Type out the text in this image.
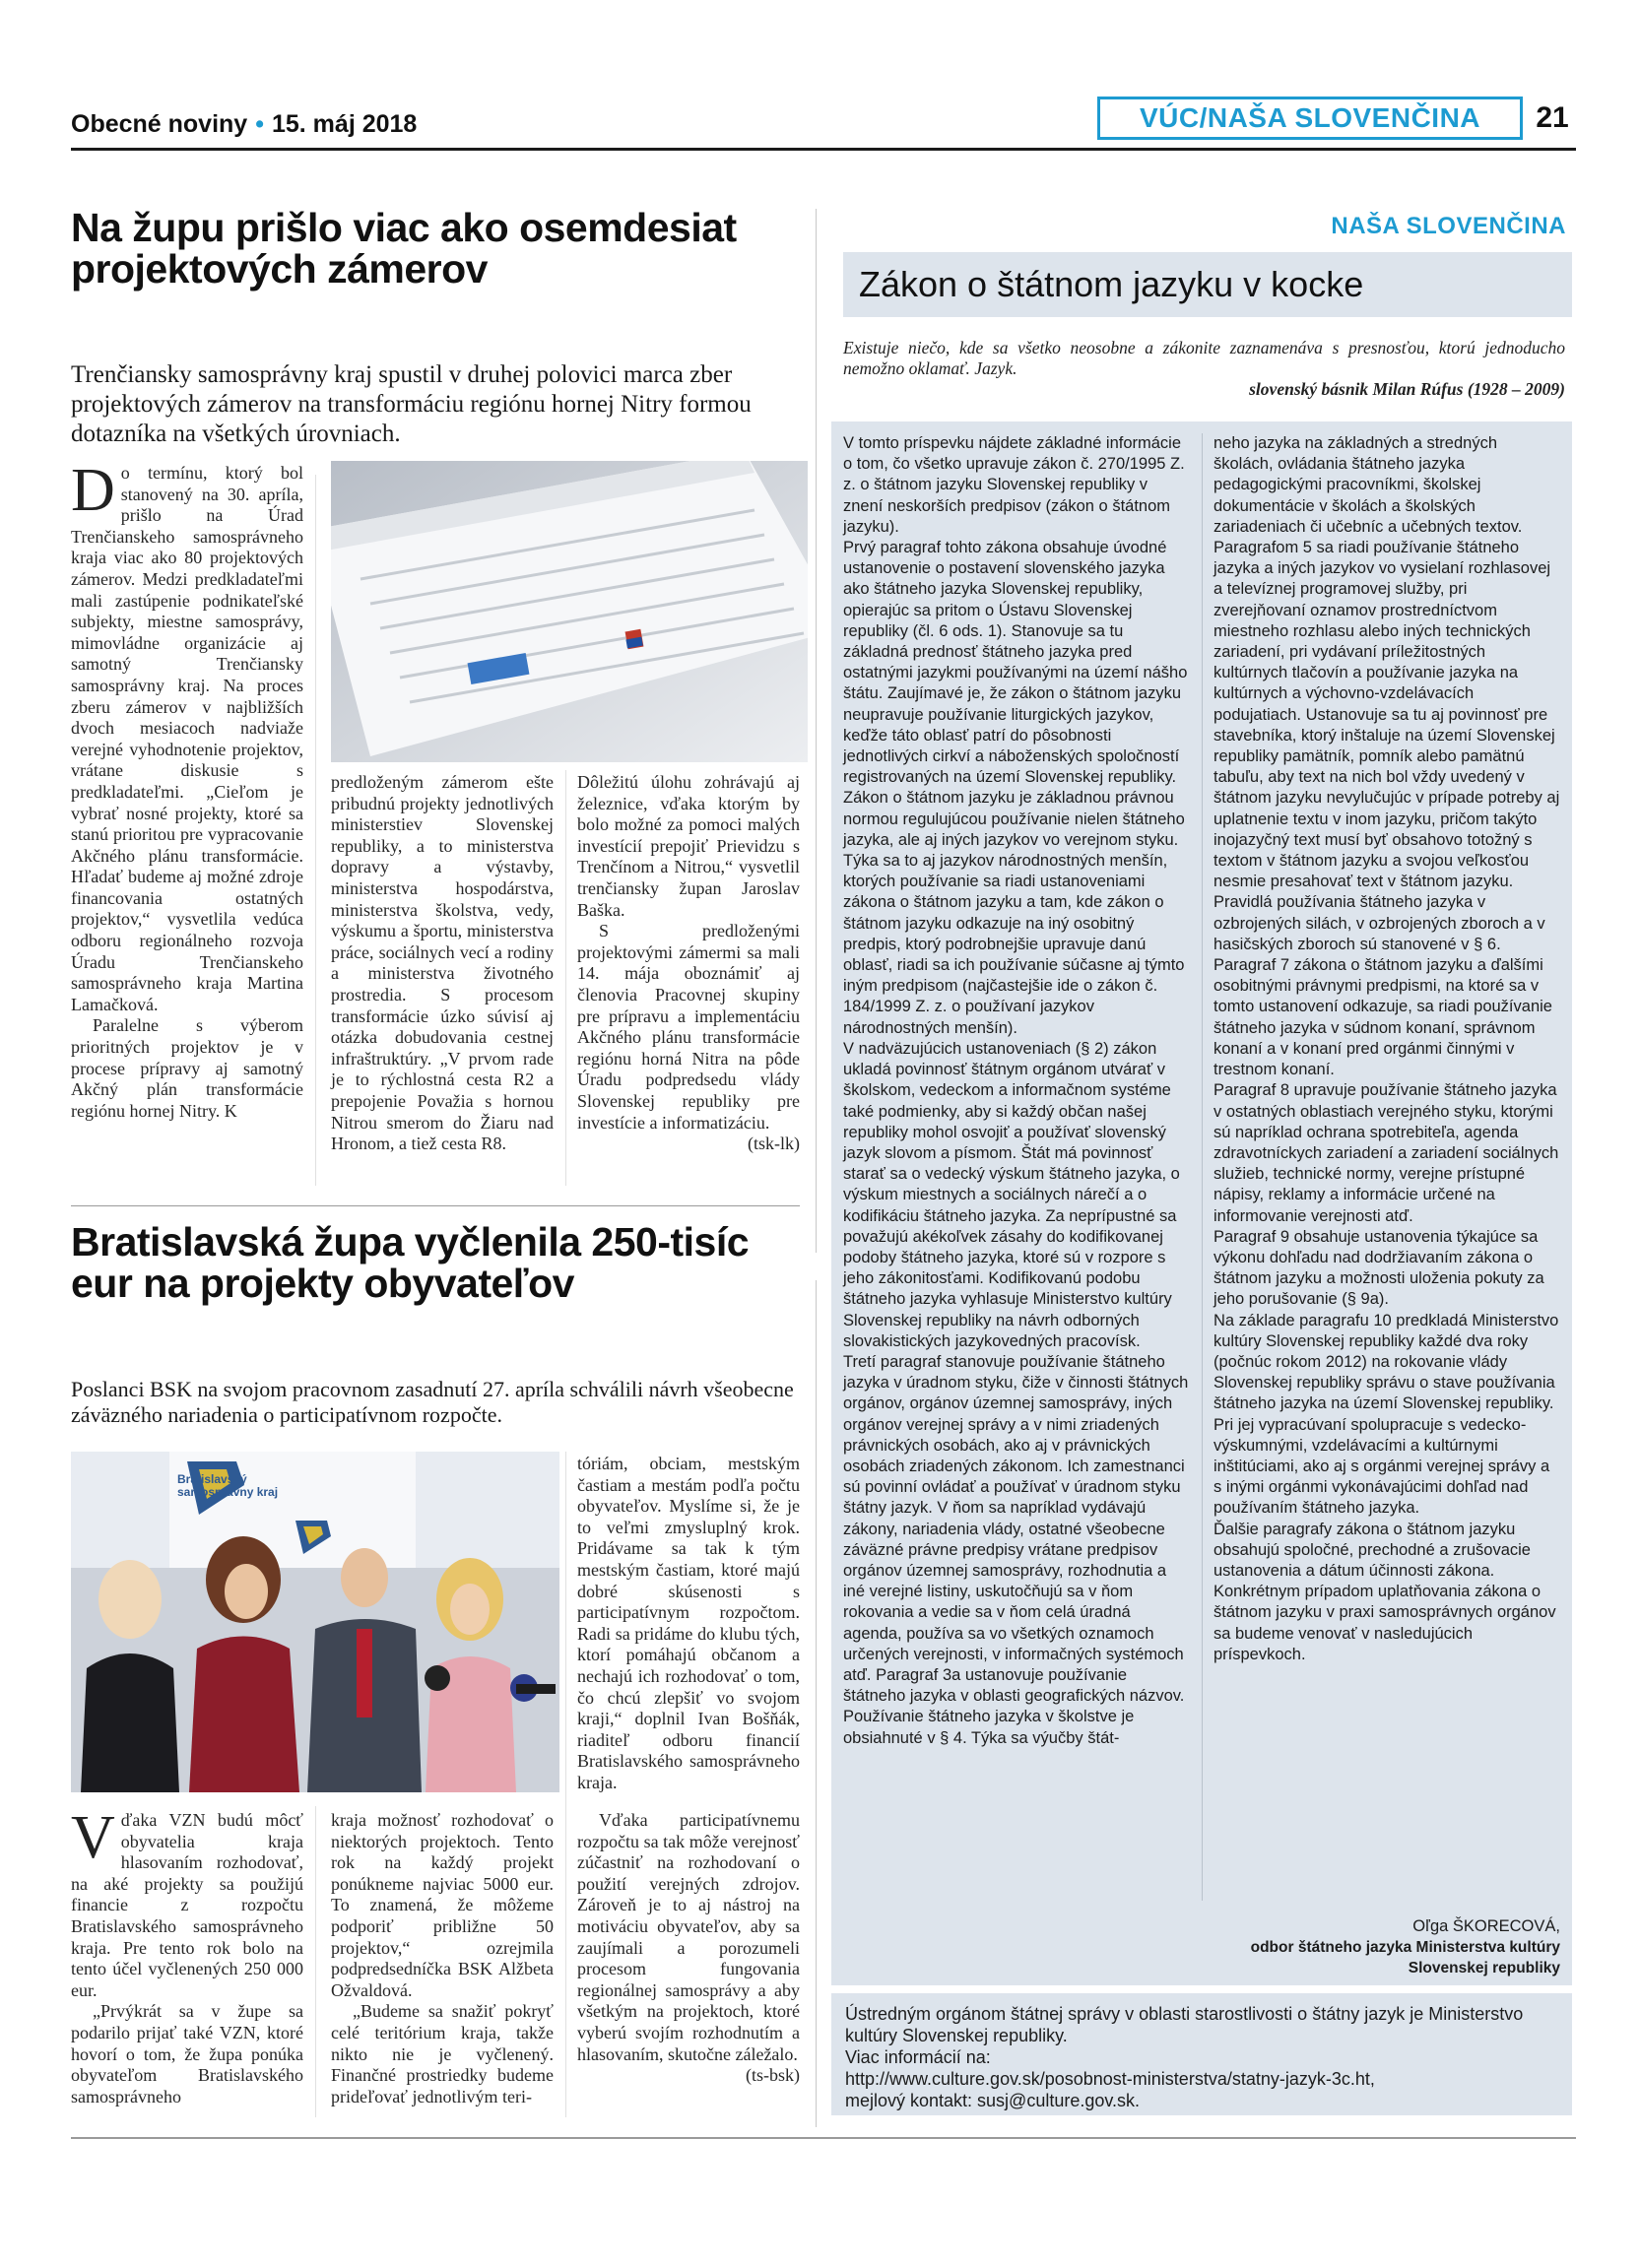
Obecné noviny • 15. máj 2018	VÚC/NAŠA SLOVENČINA	21
Na župu prišlo viac ako osemdesiat projektových zámerov
Trenčiansky samosprávny kraj spustil v druhej polovici marca zber projektových zámerov na transformáciu regiónu hornej Nitry formou dotazníka na všetkých úrovniach.

Do termínu, ktorý bol stanovený na 30. apríla, prišlo na Úrad Trenčianskeho samosprávneho kraja viac ako 80 projektových zámerov. Medzi predkladateľmi mali zastúpenie podnikateľské subjekty, miestne samosprávy, mimovládne organizácie aj samotný Trenčiansky samosprávny kraj. Na proces zberu zámerov v najbližších dvoch mesiacoch nadviaže verejné vyhodnotenie projektov, vrátane diskusie s predkladateľmi. „Cieľom je vybrať nosné projekty, ktoré sa stanú prioritou pre vypracovanie Akčného plánu transformácie. Hľadať budeme aj možné zdroje financovania ostatných projektov,“ vysvetlila vedúca odboru regionálneho rozvoja Úradu Trenčianskeho samosprávneho kraja Martina Lamačková.

Paralelne s výberom prioritných projektov je v procese prípravy aj samotný Akčný plán transformácie regiónu hornej Nitry. K

predloženým zámerom ešte pribudnú projekty jednotlivých ministerstiev Slovenskej republiky, a to ministerstva dopravy a výstavby, ministerstva hospodárstva, ministerstva školstva, vedy, výskumu a športu, ministerstva práce, sociálnych vecí a rodiny a ministerstva životného prostredia. S procesom transformácie úzko súvisí aj otázka dobudovania cestnej infraštruktúry. „V prvom rade je to rýchlostná cesta R2 a prepojenie Považia s hornou Nitrou smerom do Žiaru nad Hronom, a tiež cesta R8.

Dôležitú úlohu zohrávajú aj železnice, vďaka ktorým by bolo možné za pomoci malých investícií prepojiť Prievidzu s Trenčínom a Nitrou,“ vysvetlil trenčiansky župan Jaroslav Baška.

S predloženými projektovými zámermi sa mali 14. mája oboznámiť aj členovia Pracovnej skupiny pre prípravu a implementáciu Akčného plánu transformácie regiónu horná Nitra na pôde Úradu podpredsedu vlády Slovenskej republiky pre investície a informatizáciu.

(tsk-lk)
Bratislavská župa vyčlenila 250-tisíc eur na projekty obyvateľov
Poslanci BSK na svojom pracovnom zasadnutí 27. apríla schválili návrh všeobecne záväzného nariadenia o participatívnom rozpočte.
Bratislavský samosprávny kraj

Vďaka VZN budú môcť obyvatelia kraja hlasovaním rozhodovať, na aké projekty sa použijú financie z rozpočtu Bratislavského samosprávneho kraja. Pre tento rok bolo na tento účel vyčlenených 250 000 eur.

„Prvýkrát sa v župe sa podarilo prijať také VZN, ktoré hovorí o tom, že župa ponúka obyvateľom Bratislavského samosprávneho

kraja možnosť rozhodovať o niektorých projektoch. Tento rok na každý projekt ponúkneme najviac 5000 eur. To znamená, že môžeme podporiť približne 50 projektov,“ ozrejmila podpredsedníčka BSK Alžbeta Ožvaldová.

„Budeme sa snažiť pokryť celé teritórium kraja, takže nikto nie je vyčlenený. Finančné prostriedky budeme prideľovať jednotlivým teri-

tóriám, obciam, mestským častiam a mestám podľa počtu obyvateľov. Myslíme si, že je to veľmi zmysluplný krok. Pridávame sa tak k tým mestským častiam, ktoré majú dobré skúsenosti s participatívnym rozpočtom. Radi sa pridáme do klubu tých, ktorí pomáhajú občanom a nechajú ich rozhodovať o tom, čo chcú zlepšiť vo svojom kraji,“ doplnil Ivan Bošňák, riaditeľ odboru financií Bratislavského samosprávneho kraja.

Vďaka participatívnemu rozpočtu sa tak môže verejnosť zúčastniť na rozhodovaní o použití verejných zdrojov. Zároveň je to aj nástroj na motiváciu obyvateľov, aby sa zaujímali a porozumeli procesom fungovania regionálnej samosprávy a aby všetkým na projektoch, ktoré vyberú svojím rozhodnutím a hlasovaním, skutočne záležalo.

(ts-bsk)
NAŠA SLOVENČINA
Zákon o štátnom jazyku v kocke
Existuje niečo, kde sa všetko neosobne a zákonite zaznamenáva s presnosťou, ktorú jednoducho nemožno oklamať. Jazyk.
slovenský básnik Milan Rúfus (1928 – 2009)

V tomto príspevku nájdete základné informácie o tom, čo všetko upravuje zákon č. 270/1995 Z. z. o štátnom jazyku Slovenskej republiky v znení neskorších predpisov (zákon o štátnom jazyku).

Prvý paragraf tohto zákona obsahuje úvodné ustanovenie o postavení slovenského jazyka ako štátneho jazyka Slovenskej republiky, opierajúc sa pritom o Ústavu Slovenskej republiky (čl. 6 ods. 1). Stanovuje sa tu základná prednosť štátneho jazyka pred ostatnými jazykmi používanými na území nášho štátu. Zaujímavé je, že zákon o štátnom jazyku neupravuje používanie liturgických jazykov, keďže táto oblasť patrí do pôsobnosti jednotlivých cirkví a náboženských spoločností registrovaných na území Slovenskej republiky. Zákon o štátnom jazyku je základnou právnou normou regulujúcou používanie nielen štátneho jazyka, ale aj iných jazykov vo verejnom styku. Týka sa to aj jazykov národnostných menšín, ktorých používanie sa riadi ustanoveniami zákona o štátnom jazyku a tam, kde zákon o štátnom jazyku odkazuje na iný osobitný predpis, ktorý podrobnejšie upravuje danú oblasť, riadi sa ich používanie súčasne aj týmto iným predpisom (najčastejšie ide o zákon č. 184/1999 Z. z. o používaní jazykov národnostných menšín).

V nadväzujúcich ustanoveniach (§ 2) zákon ukladá povinnosť štátnym orgánom utvárať v školskom, vedeckom a informačnom systéme také podmienky, aby si každý občan našej republiky mohol osvojiť a používať slovenský jazyk slovom a písmom. Štát má povinnosť starať sa o vedecký výskum štátneho jazyka, o výskum miestnych a sociálnych nárečí a o kodifikáciu štátneho jazyka. Za neprípustné sa považujú akékoľvek zásahy do kodifikovanej podoby štátneho jazyka, ktoré sú v rozpore s jeho zákonitosťami. Kodifikovanú podobu štátneho jazyka vyhlasuje Ministerstvo kultúry Slovenskej republiky na návrh odborných slovakistických jazykovedných pracovísk.

Tretí paragraf stanovuje používanie štátneho jazyka v úradnom styku, čiže v činnosti štátnych orgánov, orgánov územnej samosprávy, iných orgánov verejnej správy a v nimi zriadených právnických osobách, ako aj v právnických osobách zriadených zákonom. Ich zamestnanci sú povinní ovládať a používať v úradnom styku štátny jazyk. V ňom sa napríklad vydávajú zákony, nariadenia vlády, ostatné všeobecne záväzné právne predpisy vrátane predpisov orgánov územnej samosprávy, rozhodnutia a iné verejné listiny, uskutočňujú sa v ňom rokovania a vedie sa v ňom celá úradná agenda, používa sa vo všetkých oznamoch určených verejnosti, v informačných systémoch atď. Paragraf 3a ustanovuje používanie štátneho jazyka v oblasti geografických názvov. Používanie štátneho jazyka v školstve je obsiahnuté v § 4. Týka sa výučby štát-

neho jazyka na základných a stredných školách, ovládania štátneho jazyka pedagogickými pracovníkmi, školskej dokumentácie v školách a školských zariadeniach či učebníc a učebných textov.

Paragrafom 5 sa riadi používanie štátneho jazyka a iných jazykov vo vysielaní rozhlasovej a televíznej programovej služby, pri zverejňovaní oznamov prostredníctvom miestneho rozhlasu alebo iných technických zariadení, pri vydávaní príležitostných kultúrnych tlačovín a používanie jazyka na kultúrnych a výchovno-vzdelávacích podujatiach. Ustanovuje sa tu aj povinnosť pre stavebníka, ktorý inštaluje na území Slovenskej republiky pamätník, pomník alebo pamätnú tabuľu, aby text na nich bol vždy uvedený v štátnom jazyku nevylučujúc v prípade potreby aj uplatnenie textu v inom jazyku, pričom takýto inojazyčný text musí byť obsahovo totožný s textom v štátnom jazyku a svojou veľkosťou nesmie presahovať text v štátnom jazyku.

Pravidlá používania štátneho jazyka v ozbrojených silách, v ozbrojených zboroch a v hasičských zboroch sú stanovené v § 6.

Paragraf 7 zákona o štátnom jazyku a ďalšími osobitnými právnymi predpismi, na ktoré sa v tomto ustanovení odkazuje, sa riadi používanie štátneho jazyka v súdnom konaní, správnom konaní a v konaní pred orgánmi činnými v trestnom konaní.

Paragraf 8 upravuje používanie štátneho jazyka v ostatných oblastiach verejného styku, ktorými sú napríklad ochrana spotrebiteľa, agenda zdravotníckych zariadení a zariadení sociálnych služieb, technické normy, verejne prístupné nápisy, reklamy a informácie určené na informovanie verejnosti atď.

Paragraf 9 obsahuje ustanovenia týkajúce sa výkonu dohľadu nad dodržiavaním zákona o štátnom jazyku a možnosti uloženia pokuty za jeho porušovanie (§ 9a).

Na základe paragrafu 10 predkladá Ministerstvo kultúry Slovenskej republiky každé dva roky (počnúc rokom 2012) na rokovanie vlády Slovenskej republiky správu o stave používania štátneho jazyka na území Slovenskej republiky.

Pri jej vypracúvaní spolupracuje s vedecko-výskumnými, vzdelávacími a kultúrnymi inštitúciami, ako aj s orgánmi verejnej správy a s inými orgánmi vykonávajúcimi dohľad nad používaním štátneho jazyka.

Ďalšie paragrafy zákona o štátnom jazyku obsahujú spoločné, prechodné a zrušovacie ustanovenia a dátum účinnosti zákona.

Konkrétnym prípadom uplatňovania zákona o štátnom jazyku v praxi samosprávnych orgánov sa budeme venovať v nasledujúcich príspevkoch.

Oľga ŠKORECOVÁ,
odbor štátneho jazyka Ministerstva kultúry
Slovenskej republiky
Ústredným orgánom štátnej správy v oblasti starostlivosti o štátny jazyk je Ministerstvo kultúry Slovenskej republiky.
Viac informácií na:
http://www.culture.gov.sk/posobnost-ministerstva/statny-jazyk-3c.ht,
mejlový kontakt: susj@culture.gov.sk.
